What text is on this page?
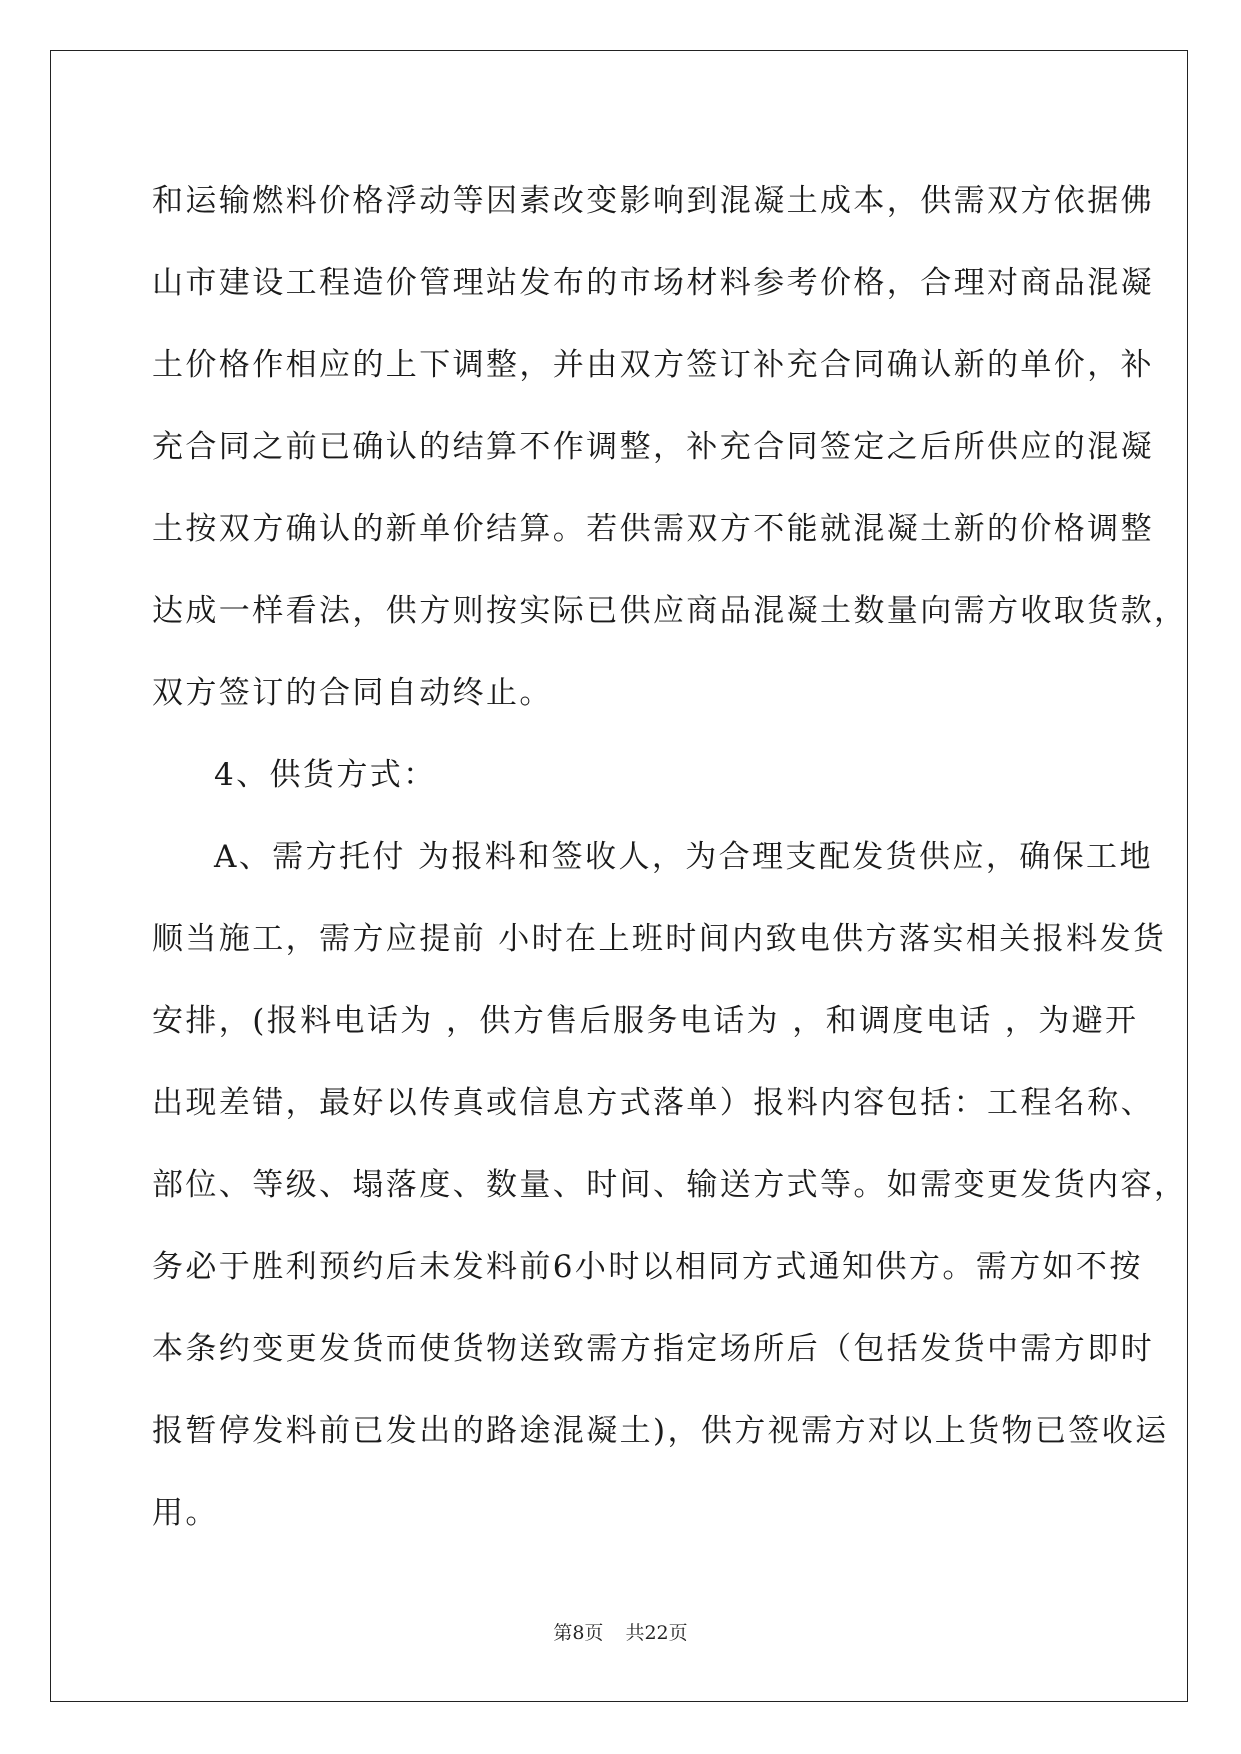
和运输燃料价格浮动等因素改变影响到混凝土成本，供需双方依据佛
山市建设工程造价管理站发布的市场材料参考价格，合理对商品混凝
土价格作相应的上下调整，并由双方签订补充合同确认新的单价，补
充合同之前已确认的结算不作调整，补充合同签定之后所供应的混凝
土按双方确认的新单价结算。若供需双方不能就混凝土新的价格调整
达成一样看法，供方则按实际已供应商品混凝土数量向需方收取货款，
双方签订的合同自动终止。
4、供货方式：
A、需方托付 为报料和签收人，为合理支配发货供应，确保工地
顺当施工，需方应提前 小时在上班时间内致电供方落实相关报料发货
安排，(报料电话为 ，供方售后服务电话为 ，和调度电话 ，为避开
出现差错，最好以传真或信息方式落单）报料内容包括：工程名称、
部位、等级、塌落度、数量、时间、输送方式等。如需变更发货内容，
务必于胜利预约后未发料前6小时以相同方式通知供方。需方如不按
本条约变更发货而使货物送致需方指定场所后（包括发货中需方即时
报暂停发料前已发出的路途混凝土)，供方视需方对以上货物已签收运
用。
第8页 共22页
